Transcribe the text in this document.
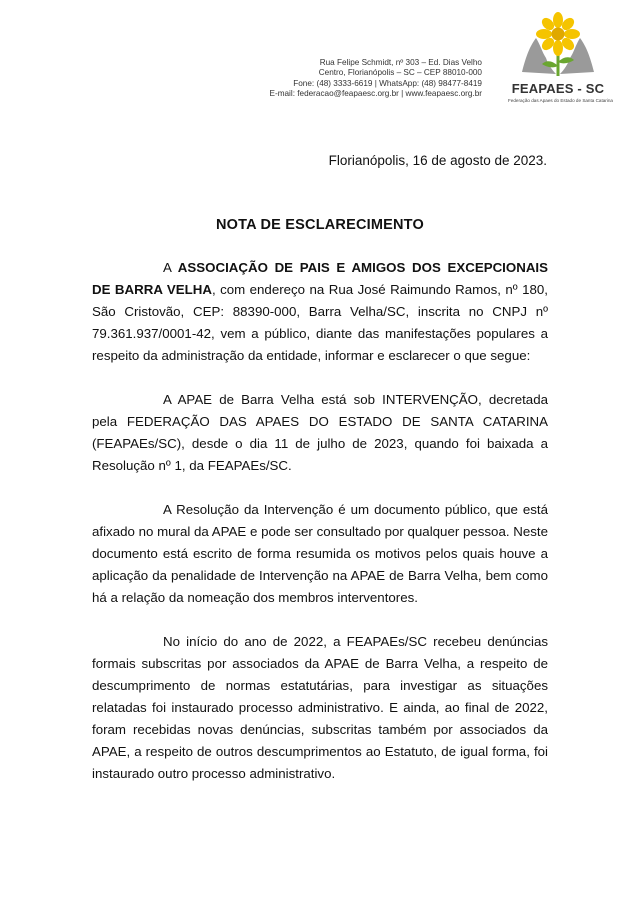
Rua Felipe Schmidt, nº 303 – Ed. Dias Velho
Centro, Florianópolis – SC – CEP 88010-000
Fone: (48) 3333-6619 | WhatsApp: (48) 98477-8419
E-mail: federacao@feapaesc.org.br | www.feapaesc.org.br FEAPAES - SC
Federação das Apaes do Estado de Santa Catarina
Florianópolis, 16 de agosto de 2023.
NOTA DE ESCLARECIMENTO

A ASSOCIAÇÃO DE PAIS E AMIGOS DOS EXCEPCIONAIS DE BARRA VELHA, com endereço na Rua José Raimundo Ramos, nº 180, São Cristovão, CEP: 88390-000, Barra Velha/SC, inscrita no CNPJ nº 79.361.937/0001-42, vem a público, diante das manifestações populares a respeito da administração da entidade, informar e esclarecer o que segue:

A APAE de Barra Velha está sob INTERVENÇÃO, decretada pela FEDERAÇÃO DAS APAES DO ESTADO DE SANTA CATARINA (FEAPAEs/SC), desde o dia 11 de julho de 2023, quando foi baixada a Resolução nº 1, da FEAPAEs/SC.

A Resolução da Intervenção é um documento público, que está afixado no mural da APAE e pode ser consultado por qualquer pessoa. Neste documento está escrito de forma resumida os motivos pelos quais houve a aplicação da penalidade de Intervenção na APAE de Barra Velha, bem como há a relação da nomeação dos membros interventores.

No início do ano de 2022, a FEAPAEs/SC recebeu denúncias formais subscritas por associados da APAE de Barra Velha, a respeito de descumprimento de normas estatutárias, para investigar as situações relatadas foi instaurado processo administrativo. E ainda, ao final de 2022, foram recebidas novas denúncias, subscritas também por associados da APAE, a respeito de outros descumprimentos ao Estatuto, de igual forma, foi instaurado outro processo administrativo.
